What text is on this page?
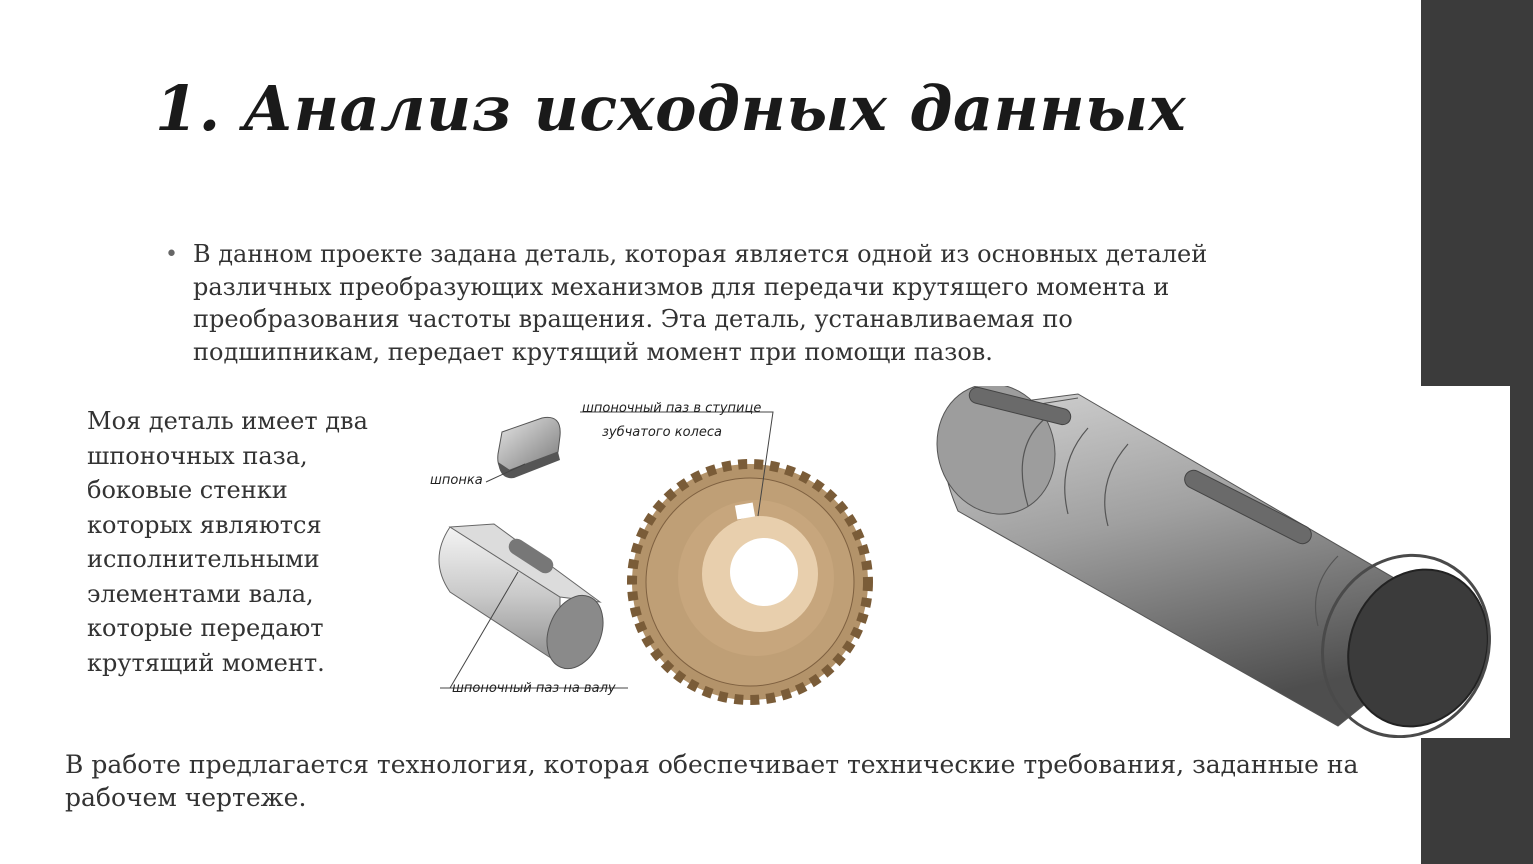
1. Анализ исходных данных
• В данном проекте задана деталь, которая является одной из основных деталей различных преобразующих механизмов для передачи крутящего момента и преобразования частоты вращения. Эта деталь, устанавливаемая по подшипникам, передает крутящий момент при помощи пазов.

шпонка
шпоночный паз на валу
шпоночный паз в ступице
зубчатого колеса

Моя деталь имеет два шпоночных паза, боковые стенки которых являются исполнительными элементами вала, которые передают крутящий момент.

В работе предлагается технология, которая обеспечивает технические требования, заданные на рабочем чертеже.
